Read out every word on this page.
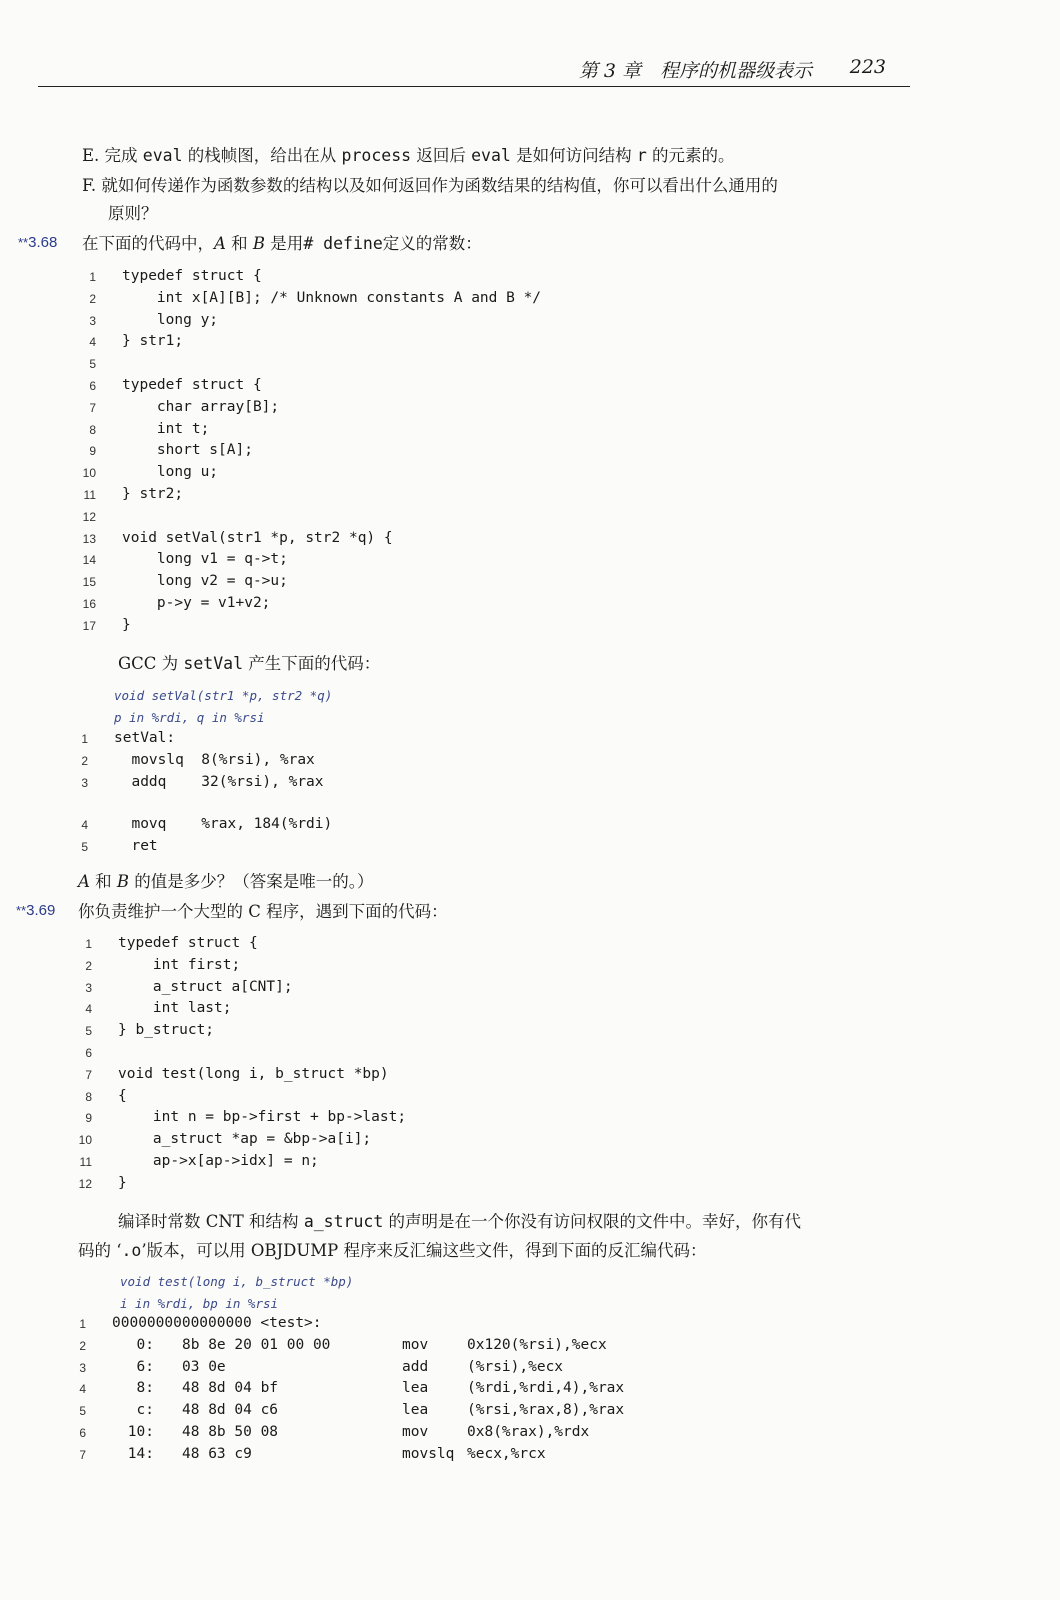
第 3 章　程序的机器级表示 223

E. 完成 eval 的栈帧图，给出在从 process 返回后 eval 是如何访问结构 r 的元素的。

F. 就如何传递作为函数参数的结构以及如何返回作为函数结果的结构值，你可以看出什么通用的

原则？

**3.68 在下面的代码中，A 和 B 是用# define定义的常数：

1 typedef struct {
2 int x[A][B]; /* Unknown constants A and B */
3 long y;
4 } str1;
5
6 typedef struct {
7 char array[B];
8 int t;
9 short s[A];
10 long u;
11 } str2;
12
13 void setVal(str1 *p, str2 *q) {
14 long v1 = q->t;
15 long v2 = q->u;
16 p->y = v1+v2;
17 }

GCC 为 setVal 产生下面的代码：

void setVal(str1 *p, str2 *q)
p in %rdi, q in %rsi
1 setVal:
2 movslq  8(%rsi), %rax
3 addq    32(%rsi), %rax
4 movq    %rax, 184(%rdi)
5 ret

A 和 B 的值是多少？（答案是唯一的。）

**3.69 你负责维护一个大型的 C 程序，遇到下面的代码：

1 typedef struct {
2 int first;
3 a_struct a[CNT];
4 int last;
5 } b_struct;
6
7 void test(long i, b_struct *bp)
8 {
9 int n = bp->first + bp->last;
10 a_struct *ap = &bp->a[i];
11 ap->x[ap->idx] = n;
12 }

编译时常数 CNT 和结构 a_struct 的声明是在一个你没有访问权限的文件中。幸好，你有代

码的 ‘.o’版本，可以用 OBJDUMP 程序来反汇编这些文件，得到下面的反汇编代码：

void test(long i, b_struct *bp)
i in %rdi, bp in %rsi
1 0000000000000000 <test>:
2	0: 8b 8e 20 01 00 00	mov	0x120(%rsi),%ecx
3	6: 03 0e	add	(%rsi),%ecx
4	8: 48 8d 04 bf	lea	(%rdi,%rdi,4),%rax
5	c: 48 8d 04 c6	lea	(%rsi,%rax,8),%rax
6	10: 48 8b 50 08	mov	0x8(%rax),%rdx
7	14: 48 63 c9	movslq %ecx,%rcx
